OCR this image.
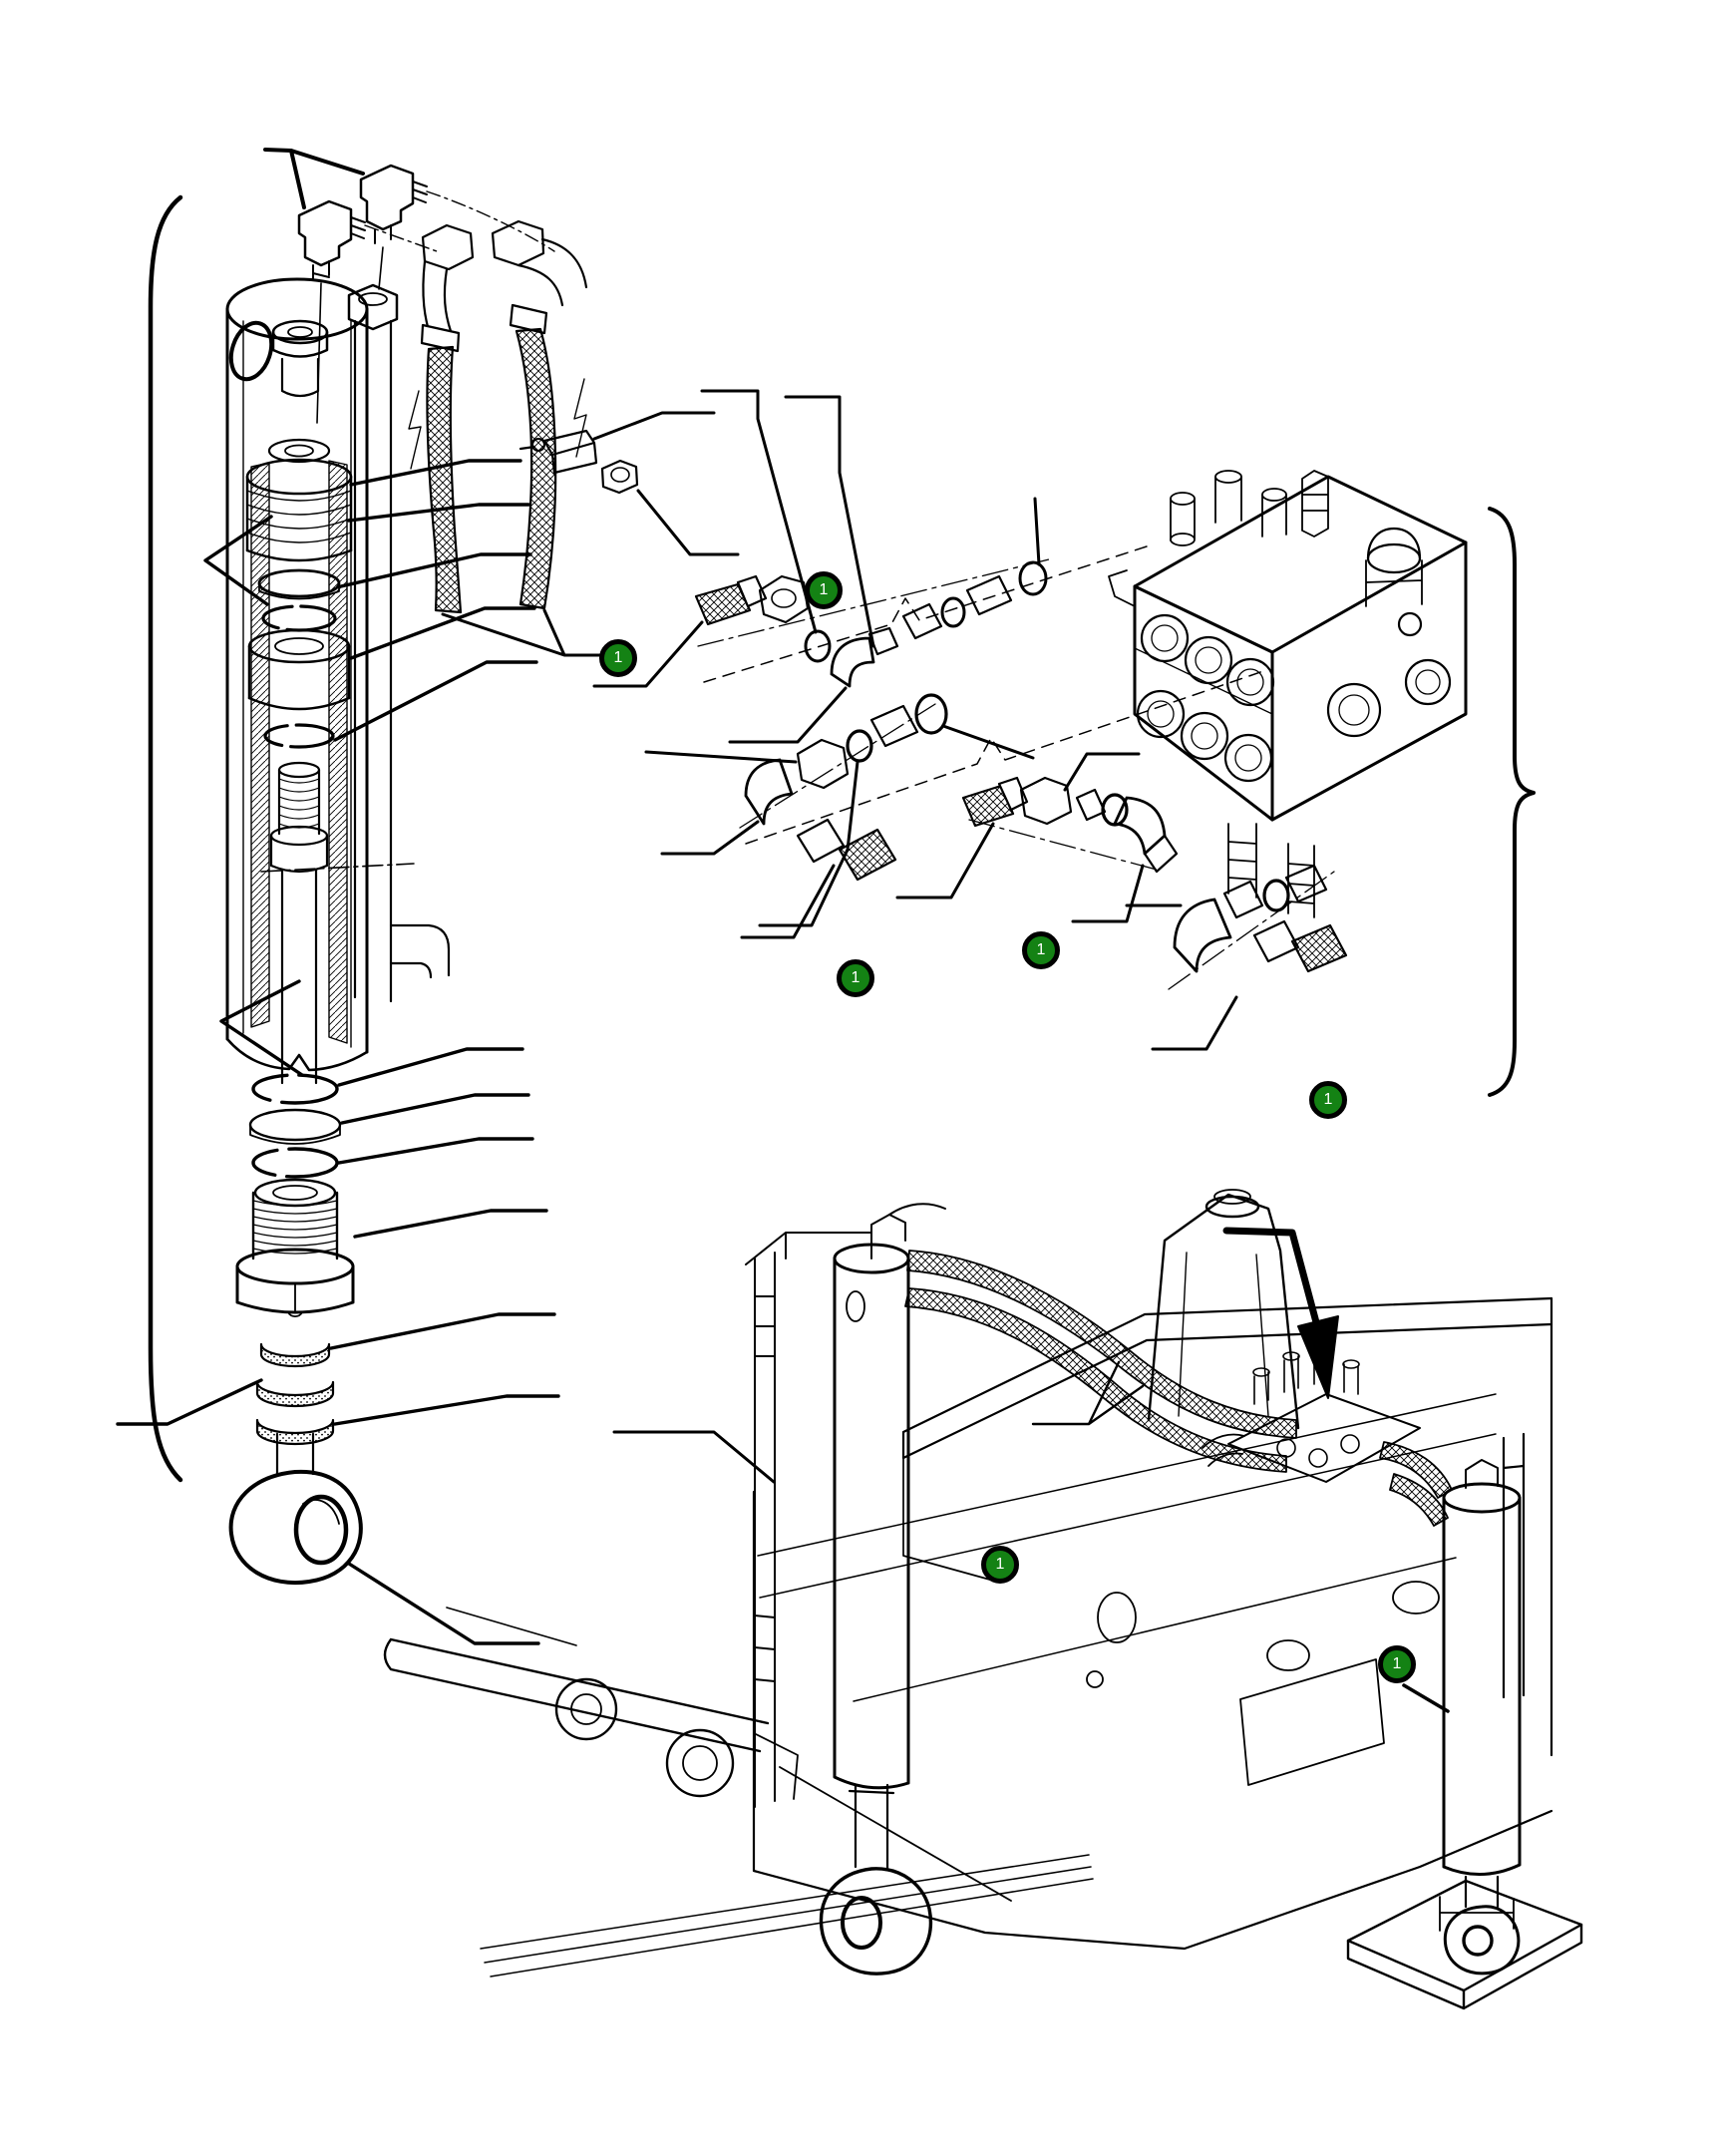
1
1
1
1
1
1
1
